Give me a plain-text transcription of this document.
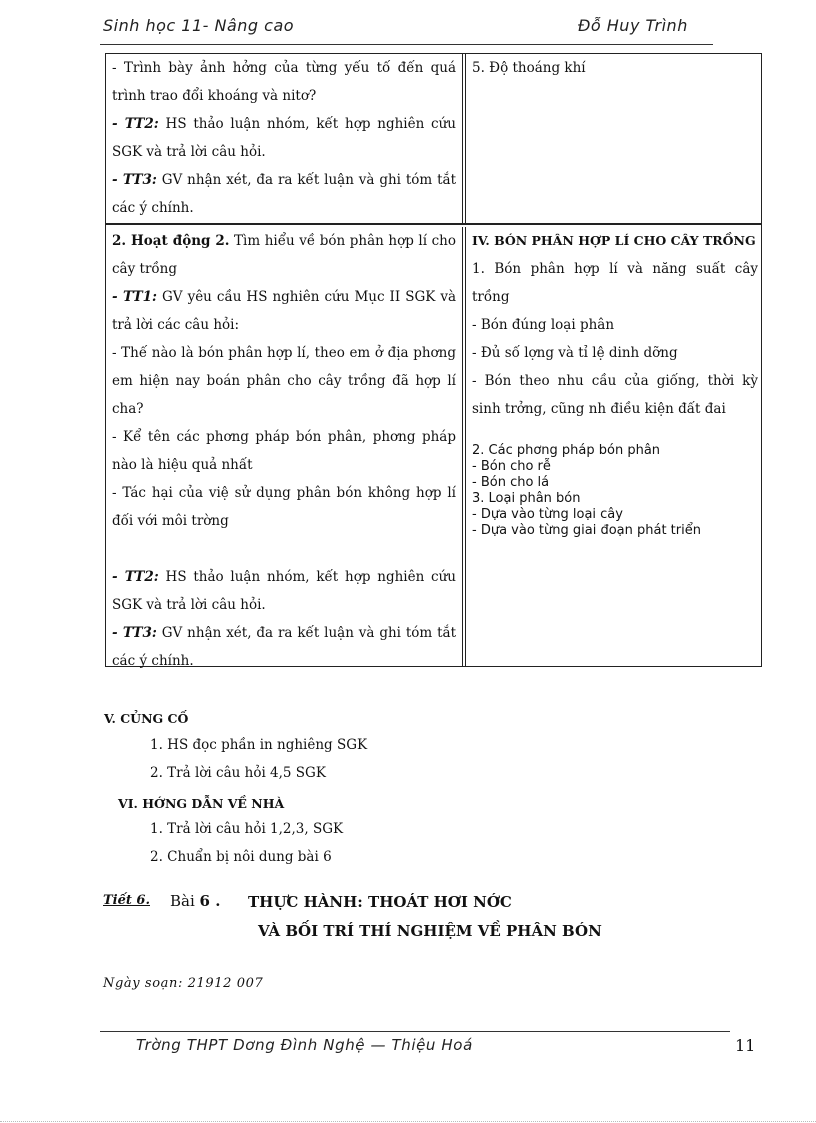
Sinh học 11- Nâng cao	Đỗ Huy Trình

- Trình bày ảnh hởng của từng yếu tố đến quá trình trao đổi khoáng và nitơ?

- TT2: HS thảo luận nhóm, kết hợp nghiên cứu SGK và trả lời câu hỏi.

- TT3: GV nhận xét, đa ra kết luận và ghi tóm tắt các ý chính.

5. Độ thoáng khí

2. Hoạt động 2. Tìm hiểu về bón phân hợp lí cho cây trồng

- TT1: GV yêu cầu HS nghiên cứu Mục II SGK và trả lời các câu hỏi:

- Thế nào là bón phân hợp lí, theo em ở địa phơng em hiện nay boán phân cho cây trồng đã hợp lí cha?

- Kể tên các phơng pháp bón phân, phơng pháp nào là hiệu quả nhất

- Tác hại của việ sử dụng phân bón không hợp lí đối với môi trờng

- TT2: HS thảo luận nhóm, kết hợp nghiên cứu SGK và trả lời câu hỏi.

- TT3: GV nhận xét, đa ra kết luận và ghi tóm tắt các ý chính.

IV. BÓN PHÂN HỢP LÍ CHO CÂY TRỒNG

1. Bón phân hợp lí và năng suất cây trồng

- Bón đúng loại phân

- Đủ số lợng và tỉ lệ dinh dỡng

- Bón theo nhu cầu của giống, thời kỳ sinh trởng, cũng nh điều kiện đất đai

2. Các phơng pháp bón phân
- Bón cho rễ
- Bón cho lá
3. Loại phân bón
- Dựa vào từng loại cây
- Dựa vào từng giai đoạn phát triển
V. CỦNG CỐ
1. HS đọc phần in nghiêng SGK
2. Trả lời câu hỏi 4,5 SGK
VI. HỚNG DẪN VỀ NHÀ
1. Trả lời câu hỏi 1,2,3, SGK
2. Chuẩn bị nôi dung bài 6
Tiết 6. Bài 6 . THỰC HÀNH: THOÁT HƠI NỚC
VÀ BỐI TRÍ THÍ NGHIỆM VỀ PHÂN BÓN
Ngày soạn: 21912 007
Trờng THPT Dơng Đình Nghệ — Thiệu Hoá	11
